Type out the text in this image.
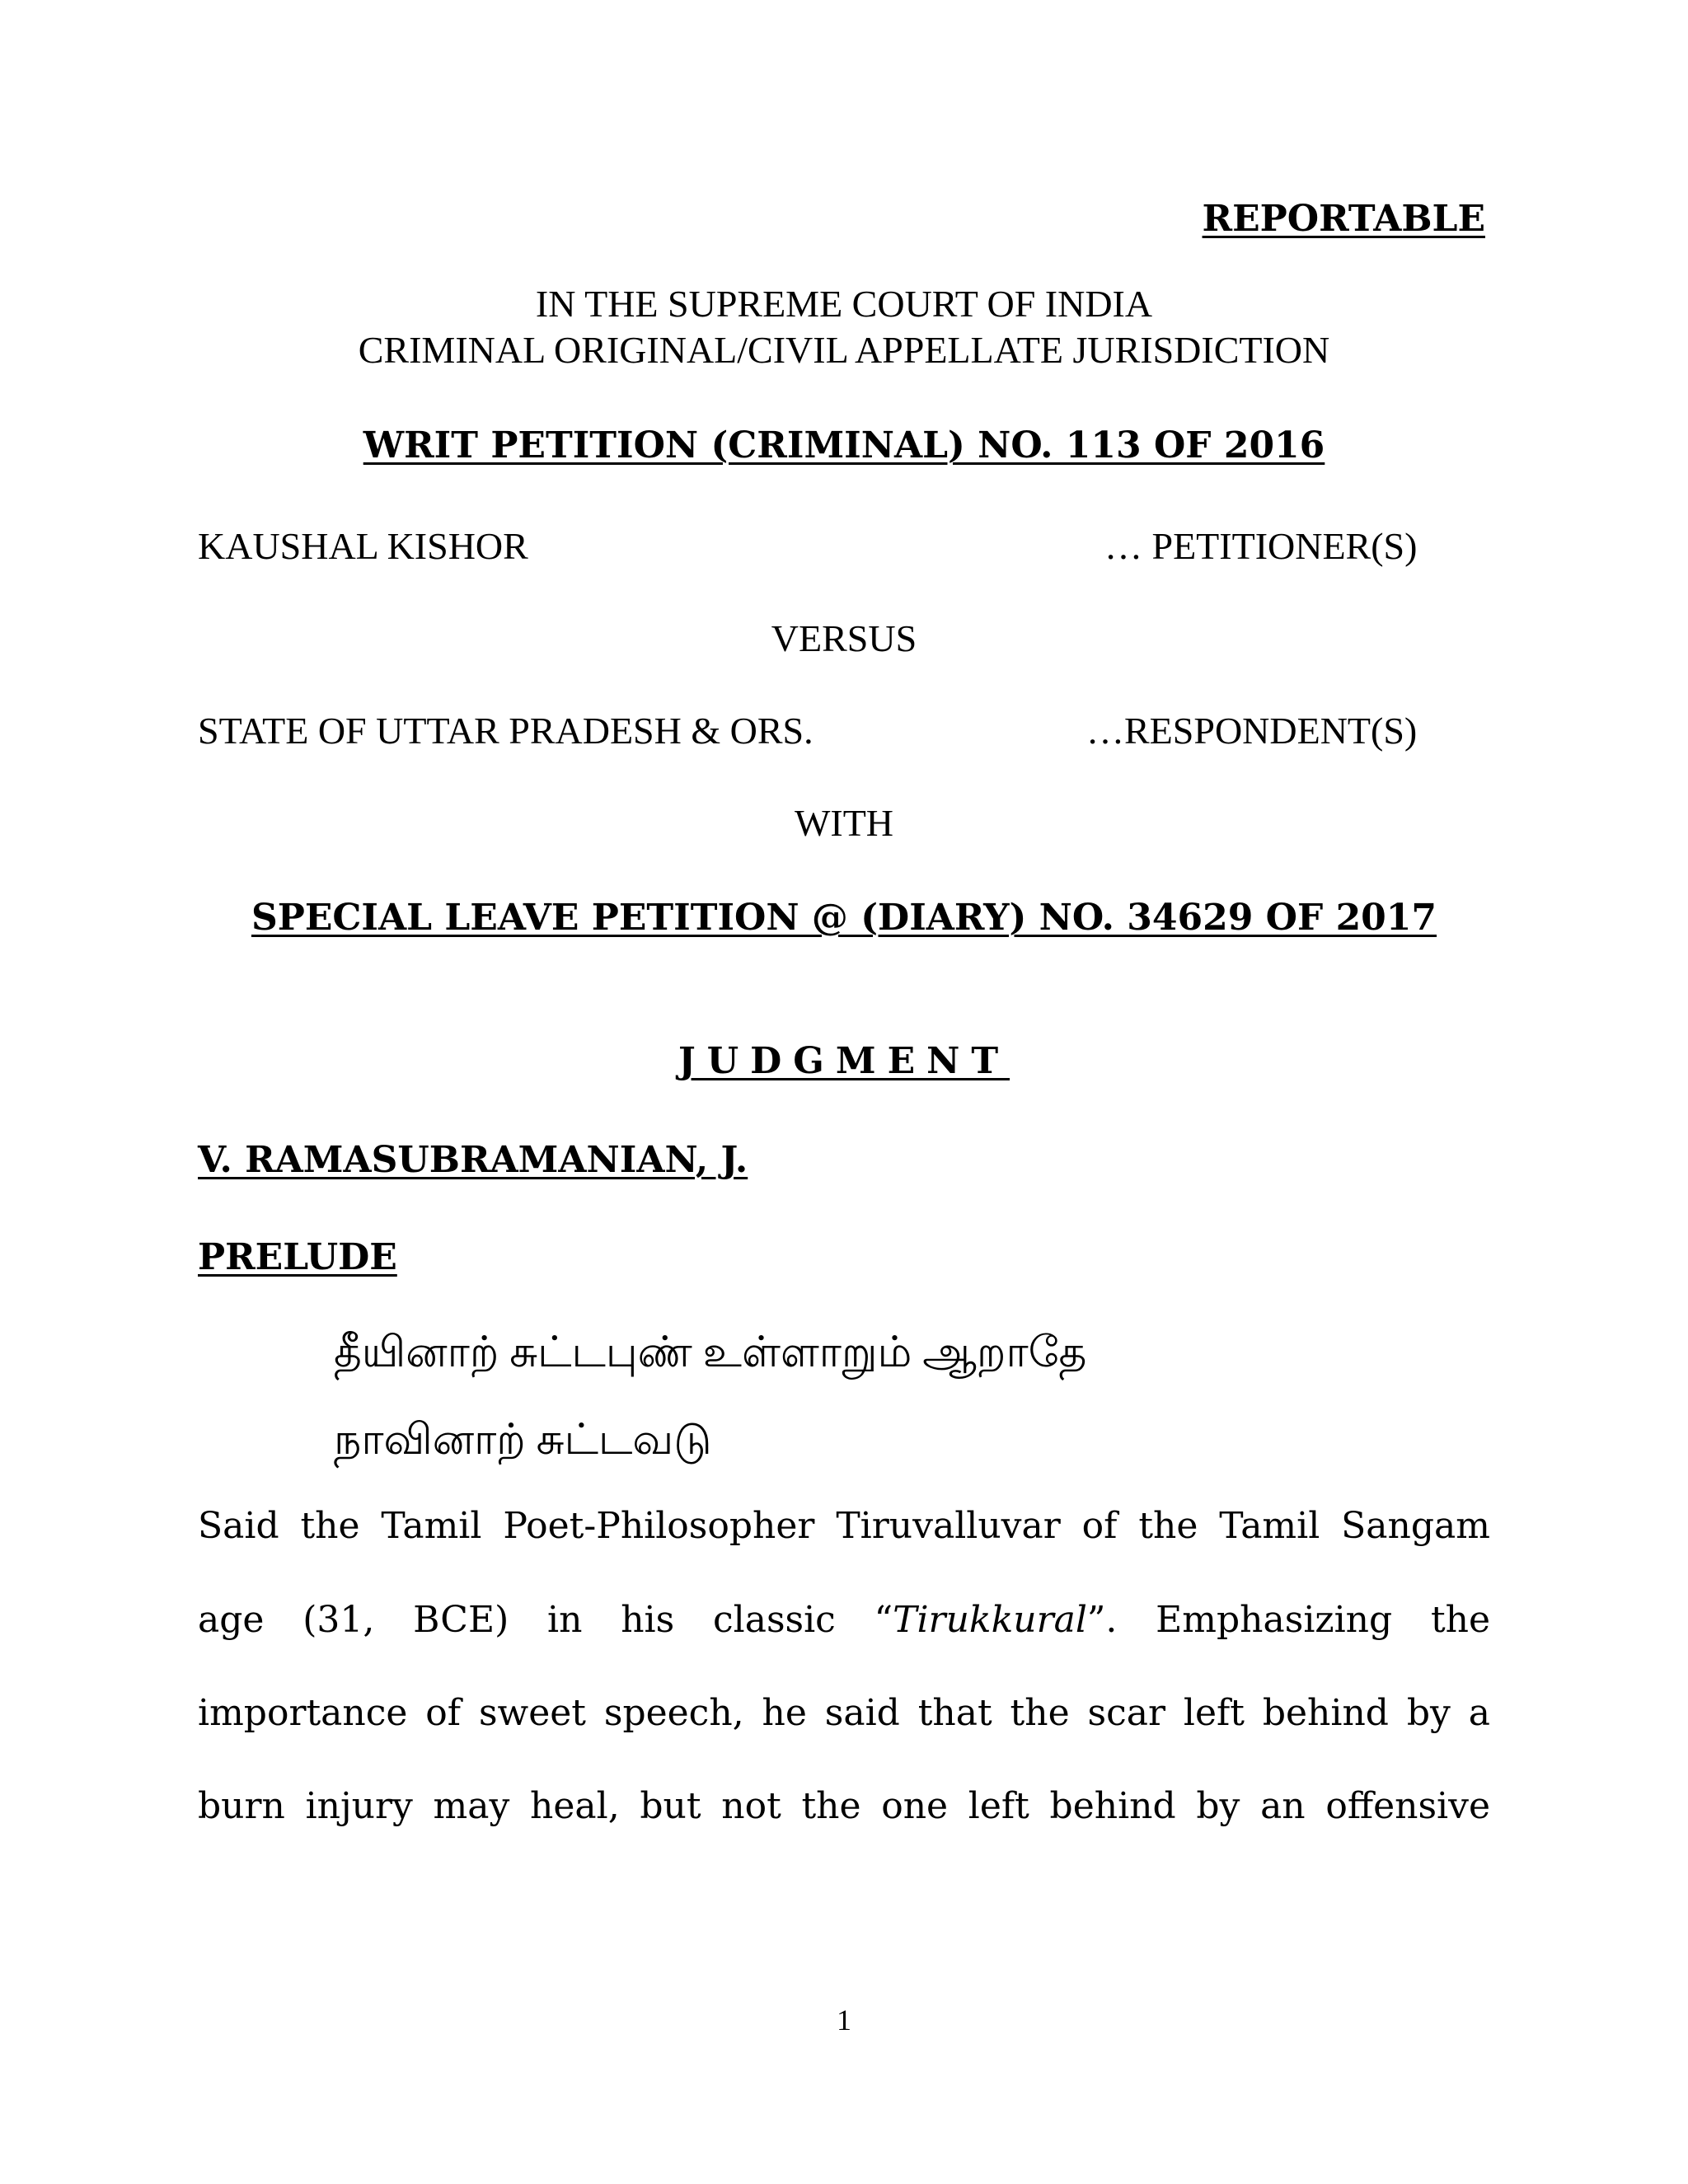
REPORTABLE
IN THE SUPREME COURT OF INDIA
CRIMINAL ORIGINAL/CIVIL APPELLATE JURISDICTION
WRIT PETITION (CRIMINAL) NO. 113 OF 2016
KAUSHAL KISHOR	… PETITIONER(S)
VERSUS
STATE OF UTTAR PRADESH & ORS.	…RESPONDENT(S)
WITH
SPECIAL LEAVE PETITION @ (DIARY) NO. 34629 OF 2017
JUDGMENT
V. RAMASUBRAMANIAN, J.
PRELUDE
தீயினாற் சுட்டபுண் உள்ளாறும் ஆறாதே
நாவினாற் சுட்டவடு
Said the Tamil Poet-Philosopher Tiruvalluvar of the Tamil Sangam
age (31, BCE) in his classic “Tirukkural”. Emphasizing the
importance of sweet speech, he said that the scar left behind by a
burn injury may heal, but not the one left behind by an offensive
1
